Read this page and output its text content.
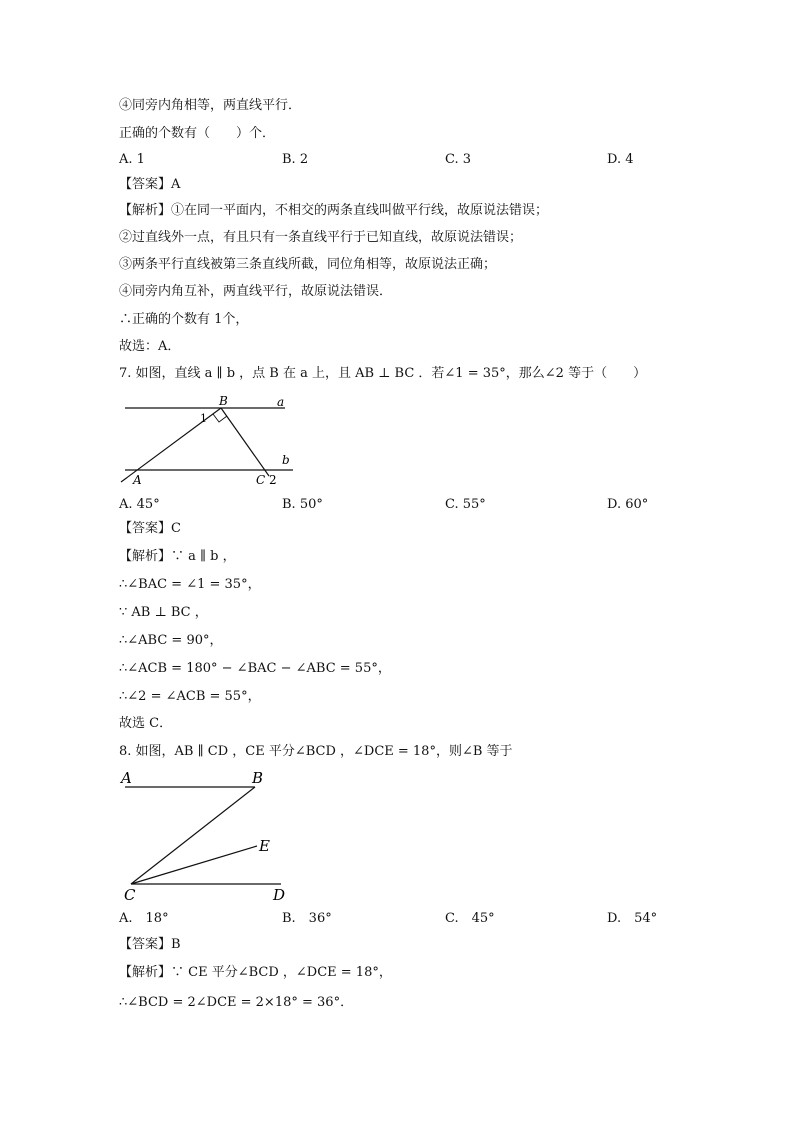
④同旁内角相等，两直线平行．
正确的个数有（　　）个．
A. 1	B. 2	C. 3	D. 4
【答案】A
【解析】①在同一平面内，不相交的两条直线叫做平行线，故原说法错误；
②过直线外一点，有且只有一条直线平行于已知直线，故原说法错误；
③两条平行直线被第三条直线所截，同位角相等，故原说法正确；
④同旁内角互补，两直线平行，故原说法错误．
∴正确的个数有 1个，
故选：A．
7. 如图，直线 a ∥ b ，点 B 在 a 上，且 AB ⊥ BC ．若∠1 = 35°，那么∠2 等于（　　）
B	a
1
A	C 2
b
A. 45°	B. 50°	C. 55°	D. 60°
【答案】C
【解析】∵ a ∥ b ，
∴∠BAC = ∠1 = 35°，
∵ AB ⊥ BC ，
∴∠ABC = 90°，
∴∠ACB = 180° − ∠BAC − ∠ABC = 55°，
∴∠2 = ∠ACB = 55°，
故选 C．
8. 如图，AB ∥ CD ，CE 平分∠BCD ，∠DCE = 18°，则∠B 等于
A	B
E
C	D
A.　18°	B.　36°	C.　45°	D.　54°
【答案】B
【解析】∵ CE 平分∠BCD ，∠DCE = 18°，
∴∠BCD = 2∠DCE = 2×18° = 36°．
